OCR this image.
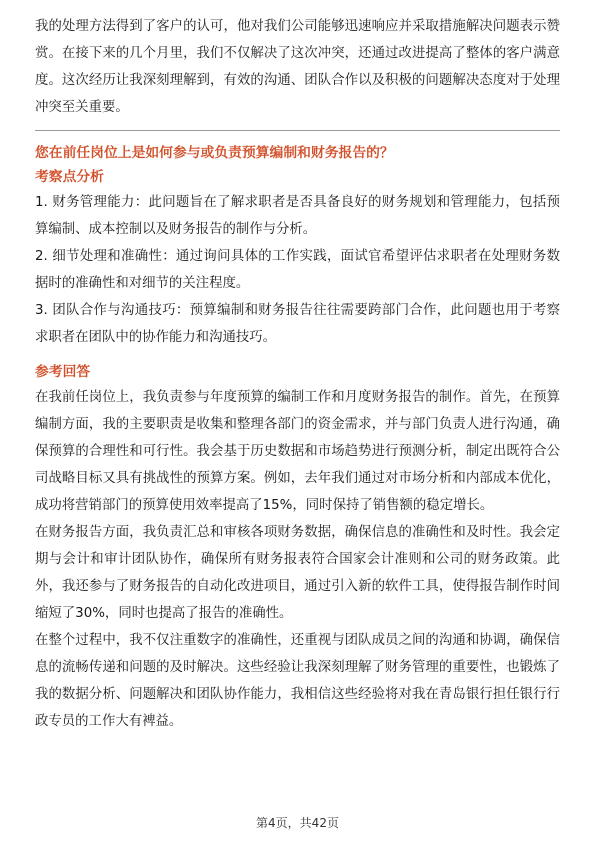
我的处理方法得到了客户的认可，他对我们公司能够迅速响应并采取措施解决问题表示赞赏。在接下来的几个月里，我们不仅解决了这次冲突，还通过改进提高了整体的客户满意度。这次经历让我深刻理解到，有效的沟通、团队合作以及积极的问题解决态度对于处理冲突至关重要。

您在前任岗位上是如何参与或负责预算编制和财务报告的？
考察点分析

1. 财务管理能力：此问题旨在了解求职者是否具备良好的财务规划和管理能力，包括预算编制、成本控制以及财务报告的制作与分析。

2. 细节处理和准确性：通过询问具体的工作实践，面试官希望评估求职者在处理财务数据时的准确性和对细节的关注程度。

3. 团队合作与沟通技巧：预算编制和财务报告往往需要跨部门合作，此问题也用于考察求职者在团队中的协作能力和沟通技巧。

参考回答

在我前任岗位上，我负责参与年度预算的编制工作和月度财务报告的制作。首先，在预算编制方面，我的主要职责是收集和整理各部门的资金需求，并与部门负责人进行沟通，确保预算的合理性和可行性。我会基于历史数据和市场趋势进行预测分析，制定出既符合公司战略目标又具有挑战性的预算方案。例如，去年我们通过对市场分析和内部成本优化，成功将营销部门的预算使用效率提高了15%，同时保持了销售额的稳定增长。

在财务报告方面，我负责汇总和审核各项财务数据，确保信息的准确性和及时性。我会定期与会计和审计团队协作，确保所有财务报表符合国家会计准则和公司的财务政策。此外，我还参与了财务报告的自动化改进项目，通过引入新的软件工具，使得报告制作时间缩短了30%，同时也提高了报告的准确性。

在整个过程中，我不仅注重数字的准确性，还重视与团队成员之间的沟通和协调，确保信息的流畅传递和问题的及时解决。这些经验让我深刻理解了财务管理的重要性，也锻炼了我的数据分析、问题解决和团队协作能力，我相信这些经验将对我在青岛银行担任银行行政专员的工作大有裨益。

第4页，共42页
